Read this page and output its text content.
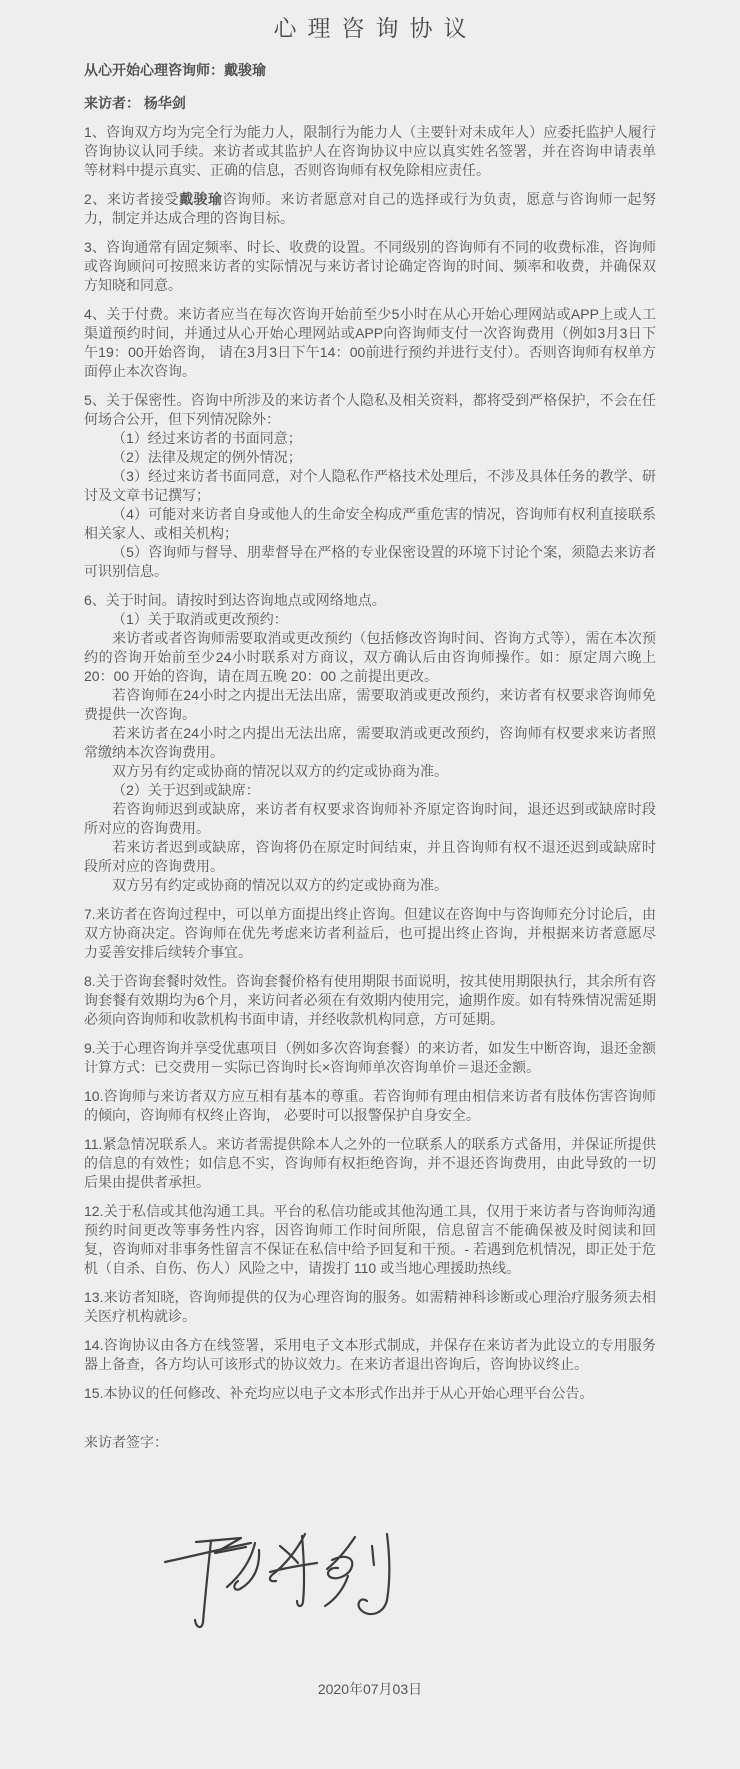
心理咨询协议
从心开始心理咨询师：戴骏瑜
来访者： 杨华剑

1、咨询双方均为完全行为能力人，限制行为能力人（主要针对未成年人）应委托监护人履行咨询协议认同手续。来访者或其监护人在咨询协议中应以真实姓名签署，并在咨询申请表单等材料中提示真实、正确的信息，否则咨询师有权免除相应责任。

2、来访者接受戴骏瑜咨询师。来访者愿意对自己的选择或行为负责，愿意与咨询师一起努力，制定并达成合理的咨询目标。

3、咨询通常有固定频率、时长、收费的设置。不同级别的咨询师有不同的收费标准，咨询师或咨询顾问可按照来访者的实际情况与来访者讨论确定咨询的时间、频率和收费，并确保双方知晓和同意。

4、关于付费。来访者应当在每次咨询开始前至少5小时在从心开始心理网站或APP上或人工渠道预约时间，并通过从心开始心理网站或APP向咨询师支付一次咨询费用（例如3月3日下午19：00开始咨询， 请在3月3日下午14：00前进行预约并进行支付）。否则咨询师有权单方面停止本次咨询。

5、关于保密性。咨询中所涉及的来访者个人隐私及相关资料，都将受到严格保护，不会在任何场合公开，但下列情况除外：

（1）经过来访者的书面同意；

（2）法律及规定的例外情况；

（3）经过来访者书面同意，对个人隐私作严格技术处理后，不涉及具体任务的教学、研讨及文章书记撰写；

（4）可能对来访者自身或他人的生命安全构成严重危害的情况，咨询师有权利直接联系相关家人、或相关机构；

（5）咨询师与督导、朋辈督导在严格的专业保密设置的环境下讨论个案，须隐去来访者可识别信息。

6、关于时间。请按时到达咨询地点或网络地点。

（1）关于取消或更改预约：

来访者或者咨询师需要取消或更改预约（包括修改咨询时间、咨询方式等），需在本次预约的咨询开始前至少24小时联系对方商议，双方确认后由咨询师操作。如：原定周六晚上 20：00 开始的咨询，请在周五晚 20：00 之前提出更改。

若咨询师在24小时之内提出无法出席，需要取消或更改预约，来访者有权要求咨询师免费提供一次咨询。

若来访者在24小时之内提出无法出席，需要取消或更改预约，咨询师有权要求来访者照常缴纳本次咨询费用。

双方另有约定或协商的情况以双方的约定或协商为准。

（2）关于迟到或缺席：

若咨询师迟到或缺席，来访者有权要求咨询师补齐原定咨询时间，退还迟到或缺席时段所对应的咨询费用。

若来访者迟到或缺席，咨询将仍在原定时间结束，并且咨询师有权不退还迟到或缺席时段所对应的咨询费用。

双方另有约定或协商的情况以双方的约定或协商为准。

7.来访者在咨询过程中，可以单方面提出终止咨询。但建议在咨询中与咨询师充分讨论后，由双方协商决定。咨询师在优先考虑来访者利益后，也可提出终止咨询，并根据来访者意愿尽力妥善安排后续转介事宜。

8.关于咨询套餐时效性。咨询套餐价格有使用期限书面说明，按其使用期限执行，其余所有咨询套餐有效期均为6个月，来访问者必须在有效期内使用完，逾期作废。如有特殊情况需延期必须向咨询师和收款机构书面申请，并经收款机构同意，方可延期。

9.关于心理咨询并享受优惠项目（例如多次咨询套餐）的来访者，如发生中断咨询，退还金额计算方式：已交费用－实际已咨询时长×咨询师单次咨询单价＝退还金额。

10.咨询师与来访者双方应互相有基本的尊重。若咨询师有理由相信来访者有肢体伤害咨询师的倾向，咨询师有权终止咨询， 必要时可以报警保护自身安全。

11.紧急情况联系人。来访者需提供除本人之外的一位联系人的联系方式备用，并保证所提供的信息的有效性；如信息不实，咨询师有权拒绝咨询，并不退还咨询费用，由此导致的一切后果由提供者承担。

12.关于私信或其他沟通工具。平台的私信功能或其他沟通工具，仅用于来访者与咨询师沟通预约时间更改等事务性内容，因咨询师工作时间所限，信息留言不能确保被及时阅读和回复，咨询师对非事务性留言不保证在私信中给予回复和干预。- 若遇到危机情况，即正处于危机（自杀、自伤、伤人）风险之中，请拨打 110 或当地心理援助热线。

13.来访者知晓，咨询师提供的仅为心理咨询的服务。如需精神科诊断或心理治疗服务须去相关医疗机构就诊。

14.咨询协议由各方在线签署，采用电子文本形式制成，并保存在来访者为此设立的专用服务器上备查，各方均认可该形式的协议效力。在来访者退出咨询后，咨询协议终止。

15.本协议的任何修改、补充均应以电子文本形式作出并于从心开始心理平台公告。

来访者签字：
2020年07月03日
